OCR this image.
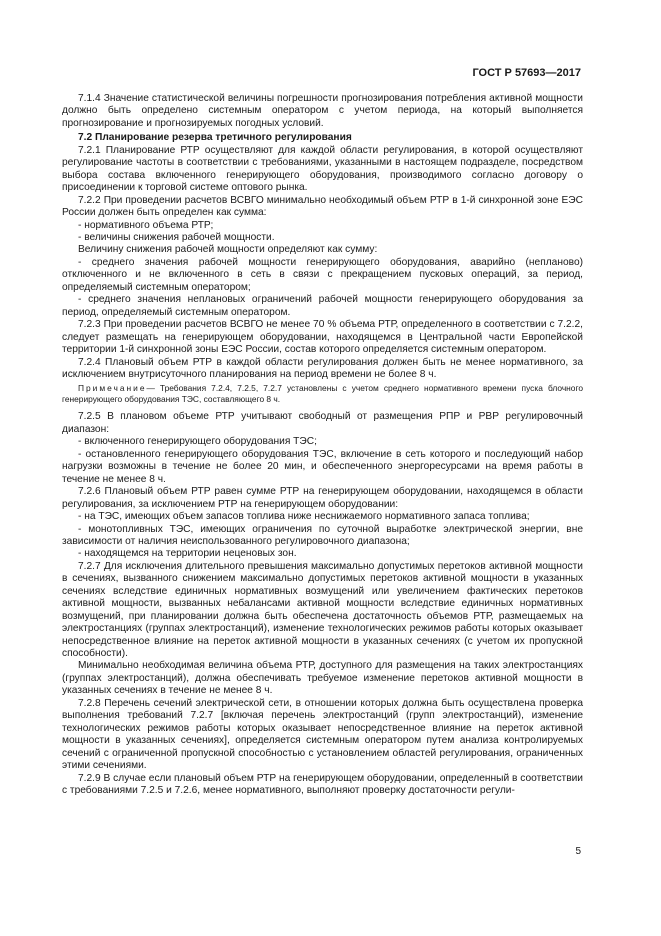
ГОСТ Р 57693—2017

7.1.4 Значение статистической величины погрешности прогнозирования потребления активной мощности должно быть определено системным оператором с учетом периода, на который выполняется прогнозирование и прогнозируемых погодных условий.

7.2 Планирование резерва третичного регулирования

7.2.1 Планирование РТР осуществляют для каждой области регулирования, в которой осуществляют регулирование частоты в соответствии с требованиями, указанными в настоящем подразделе, посредством выбора состава включенного генерирующего оборудования, производимого согласно договору о присоединении к торговой системе оптового рынка.

7.2.2 При проведении расчетов ВСВГО минимально необходимый объем РТР в 1-й синхронной зоне ЕЭС России должен быть определен как сумма:

- нормативного объема РТР;

- величины снижения рабочей мощности.

Величину снижения рабочей мощности определяют как сумму:

- среднего значения рабочей мощности генерирующего оборудования, аварийно (непланово) отключенного и не включенного в сеть в связи с прекращением пусковых операций, за период, определяемый системным оператором;

- среднего значения неплановых ограничений рабочей мощности генерирующего оборудования за период, определяемый системным оператором.

7.2.3 При проведении расчетов ВСВГО не менее 70 % объема РТР, определенного в соответствии с 7.2.2, следует размещать на генерирующем оборудовании, находящемся в Центральной части Европейской территории 1-й синхронной зоны ЕЭС России, состав которого определяется системным оператором.

7.2.4 Плановый объем РТР в каждой области регулирования должен быть не менее нормативного, за исключением внутрисуточного планирования на период времени не более 8 ч.

Примечание— Требования 7.2.4, 7.2.5, 7.2.7 установлены с учетом среднего нормативного времени пуска блочного генерирующего оборудования ТЭС, составляющего 8 ч.

7.2.5 В плановом объеме РТР учитывают свободный от размещения РПР и РВР регулировочный диапазон:

- включенного генерирующего оборудования ТЭС;

- остановленного генерирующего оборудования ТЭС, включение в сеть которого и последующий набор нагрузки возможны в течение не более 20 мин, и обеспеченного энергоресурсами на время работы в течение не менее 8 ч.

7.2.6 Плановый объем РТР равен сумме РТР на генерирующем оборудовании, находящемся в области регулирования, за исключением РТР на генерирующем оборудовании:

- на ТЭС, имеющих объем запасов топлива ниже неснижаемого нормативного запаса топлива;

- монотопливных ТЭС, имеющих ограничения по суточной выработке электрической энергии, вне зависимости от наличия неиспользованного регулировочного диапазона;

- находящемся на территории неценовых зон.

7.2.7 Для исключения длительного превышения максимально допустимых перетоков активной мощности в сечениях, вызванного снижением максимально допустимых перетоков активной мощности в указанных сечениях вследствие единичных нормативных возмущений или увеличением фактических перетоков активной мощности, вызванных небалансами активной мощности вследствие единичных нормативных возмущений, при планировании должна быть обеспечена достаточность объемов РТР, размещаемых на электростанциях (группах электростанций), изменение технологических режимов работы которых оказывает непосредственное влияние на переток активной мощности в указанных сечениях (с учетом их пропускной способности).

Минимально необходимая величина объема РТР, доступного для размещения на таких электростанциях (группах электростанций), должна обеспечивать требуемое изменение перетоков активной мощности в указанных сечениях в течение не менее 8 ч.

7.2.8 Перечень сечений электрической сети, в отношении которых должна быть осуществлена проверка выполнения требований 7.2.7 [включая перечень электростанций (групп электростанций), изменение технологических режимов работы которых оказывает непосредственное влияние на переток активной мощности в указанных сечениях], определяется системным оператором путем анализа контролируемых сечений с ограниченной пропускной способностью с установлением областей регулирования, ограниченных этими сечениями.

7.2.9 В случае если плановый объем РТР на генерирующем оборудовании, определенный в соответствии с требованиями 7.2.5 и 7.2.6, менее нормативного, выполняют проверку достаточности регули-

5
